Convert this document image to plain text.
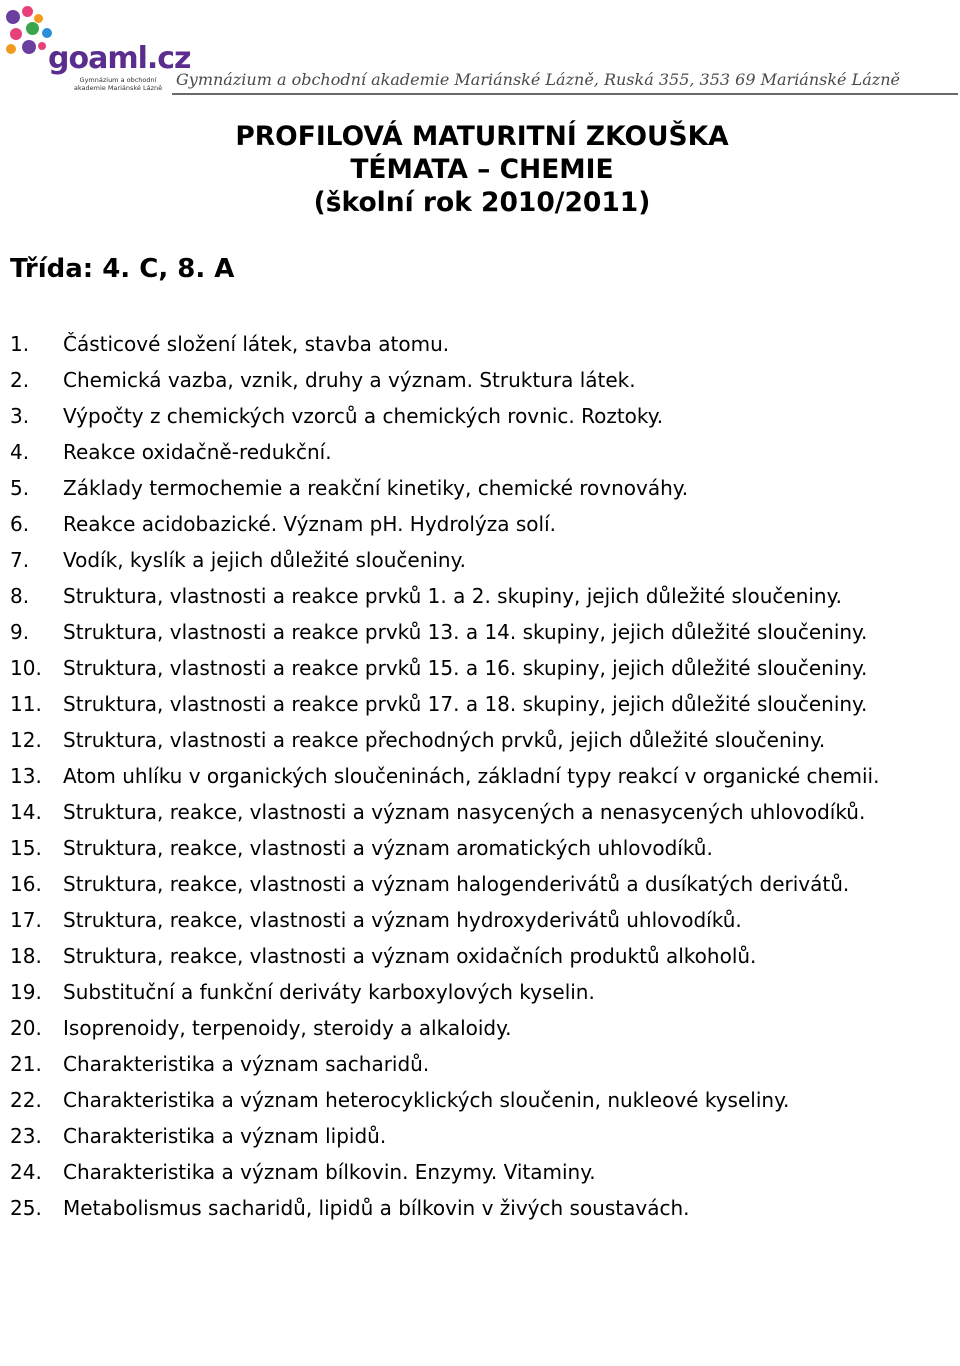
goaml.cz
Gymnázium a obchodní akademie Mariánské Lázně Gymnázium a obchodní akademie Mariánské Lázně, Ruská 355, 353 69 Mariánské Lázně
PROFILOVÁ MATURITNÍ ZKOUŠKA
TÉMATA – CHEMIE
(školní rok 2010/2011)
Třída: 4. C, 8. A
1. Částicové složení látek, stavba atomu.
2. Chemická vazba, vznik, druhy a význam. Struktura látek.
3. Výpočty z chemických vzorců a chemických rovnic. Roztoky.
4. Reakce oxidačně-redukční.
5. Základy termochemie a reakční kinetiky, chemické rovnováhy.
6. Reakce acidobazické. Význam pH. Hydrolýza solí.
7. Vodík, kyslík a jejich důležité sloučeniny.
8. Struktura, vlastnosti a reakce prvků 1. a 2. skupiny, jejich důležité sloučeniny.
9. Struktura, vlastnosti a reakce prvků 13. a 14. skupiny, jejich důležité sloučeniny.
10. Struktura, vlastnosti a reakce prvků 15. a 16. skupiny, jejich důležité sloučeniny.
11. Struktura, vlastnosti a reakce prvků 17. a 18. skupiny, jejich důležité sloučeniny.
12. Struktura, vlastnosti a reakce přechodných prvků, jejich důležité sloučeniny.
13. Atom uhlíku v organických sloučeninách, základní typy reakcí v organické chemii.
14. Struktura, reakce, vlastnosti a význam nasycených a nenasycených uhlovodíků.
15. Struktura, reakce, vlastnosti a význam aromatických uhlovodíků.
16. Struktura, reakce, vlastnosti a význam halogenderivátů a dusíkatých derivátů.
17. Struktura, reakce, vlastnosti a význam hydroxyderivátů uhlovodíků.
18. Struktura, reakce, vlastnosti a význam oxidačních produktů alkoholů.
19. Substituční a funkční deriváty karboxylových kyselin.
20. Isoprenoidy, terpenoidy, steroidy a alkaloidy.
21. Charakteristika a význam sacharidů.
22. Charakteristika a význam heterocyklických sloučenin, nukleové kyseliny.
23. Charakteristika a význam lipidů.
24. Charakteristika a význam bílkovin. Enzymy. Vitaminy.
25. Metabolismus sacharidů, lipidů a bílkovin v živých soustavách.
